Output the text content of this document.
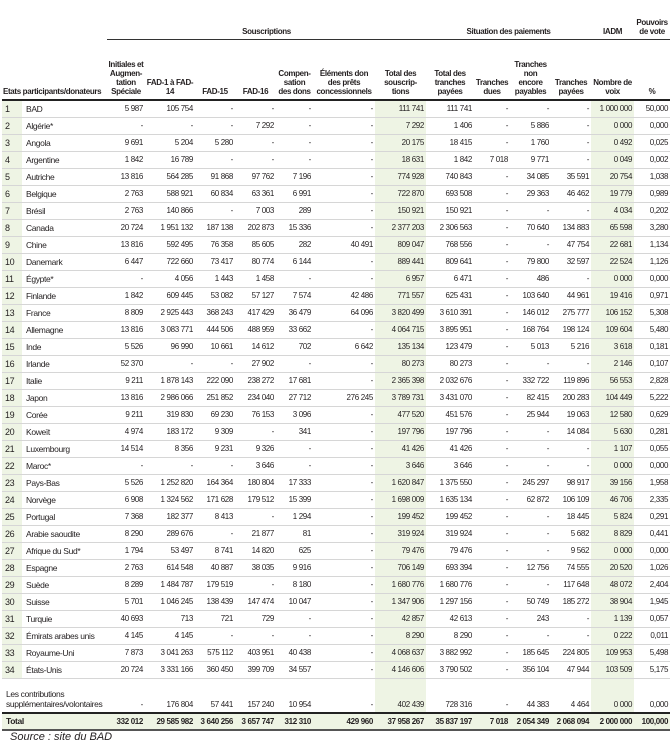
		Souscriptions							Situation des paiements				IADM	Pouvoirs de vote
Etats participants/donateurs		Initiales et Augmen-tation Spéciale	FAD-1 à FAD-14	FAD-15	FAD-16	Compen-sation des dons	Éléments don des prêts concessionnels	Total des souscrip-tions	Total des tranches payées	Tranches dues	Tranches non encore payables	Tranches payées	Nombre de voix	%
1	BAD	5 987	105 754	-	-	-	-	111 741	111 741	-	-	-	1 000 000	50,000
2	Algérie*	-	-	-	7 292	-	-	7 292	1 406	-	5 886	-	0 000	0,000
3	Angola	9 691	5 204	5 280	-	-	-	20 175	18 415	-	1 760	-	0 492	0,025
4	Argentine	1 842	16 789	-	-	-	-	18 631	1 842	7 018	9 771	-	0 049	0,002
5	Autriche	13 816	564 285	91 868	97 762	7 196	-	774 928	740 843	-	34 085	35 591	20 754	1,038
6	Belgique	2 763	588 921	60 834	63 361	6 991	-	722 870	693 508	-	29 363	46 462	19 779	0,989
7	Brésil	2 763	140 866	-	7 003	289	-	150 921	150 921	-	-	-	4 034	0,202
8	Canada	20 724	1 951 132	187 138	202 873	15 336	-	2 377 203	2 306 563	-	70 640	134 883	65 598	3,280
9	Chine	13 816	592 495	76 358	85 605	282	40 491	809 047	768 556	-	-	47 754	22 681	1,134
10	Danemark	6 447	722 660	73 417	80 774	6 144	-	889 441	809 641	-	79 800	32 597	22 524	1,126
11	Égypte*	-	4 056	1 443	1 458	-	-	6 957	6 471	-	486	-	0 000	0,000
12	Finlande	1 842	609 445	53 082	57 127	7 574	42 486	771 557	625 431	-	103 640	44 961	19 416	0,971
13	France	8 809	2 925 443	368 243	417 429	36 479	64 096	3 820 499	3 610 391	-	146 012	275 777	106 152	5,308
14	Allemagne	13 816	3 083 771	444 506	488 959	33 662	-	4 064 715	3 895 951	-	168 764	198 124	109 604	5,480
15	Inde	5 526	96 990	10 661	14 612	702	6 642	135 134	123 479	-	5 013	5 216	3 618	0,181
16	Irlande	52 370	-	-	27 902	-	-	80 273	80 273	-	-	-	2 146	0,107
17	Italie	9 211	1 878 143	222 090	238 272	17 681	-	2 365 398	2 032 676	-	332 722	119 896	56 553	2,828
18	Japon	13 816	2 986 066	251 852	234 040	27 712	276 245	3 789 731	3 431 070	-	82 415	200 283	104 449	5,222
19	Corée	9 211	319 830	69 230	76 153	3 096	-	477 520	451 576	-	25 944	19 063	12 580	0,629
20	Koweït	4 974	183 172	9 309	-	341	-	197 796	197 796	-	-	14 084	5 630	0,281
21	Luxembourg	14 514	8 356	9 231	9 326	-	-	41 426	41 426	-	-	-	1 107	0,055
22	Maroc*	-	-	-	3 646	-	-	3 646	3 646	-	-	-	0 000	0,000
23	Pays-Bas	5 526	1 252 820	164 364	180 804	17 333	-	1 620 847	1 375 550	-	245 297	98 917	39 156	1,958
24	Norvège	6 908	1 324 562	171 628	179 512	15 399	-	1 698 009	1 635 134	-	62 872	106 109	46 706	2,335
25	Portugal	7 368	182 377	8 413	-	1 294	-	199 452	199 452	-	-	18 445	5 824	0,291
26	Arabie saoudite	8 290	289 676	-	21 877	81	-	319 924	319 924	-	-	5 682	8 829	0,441
27	Afrique du Sud*	1 794	53 497	8 741	14 820	625	-	79 476	79 476	-	-	9 562	0 000	0,000
28	Espagne	2 763	614 548	40 887	38 035	9 916	-	706 149	693 394	-	12 756	74 555	20 520	1,026
29	Suède	8 289	1 484 787	179 519	-	8 180	-	1 680 776	1 680 776	-	-	117 648	48 072	2,404
30	Suisse	5 701	1 046 245	138 439	147 474	10 047	-	1 347 906	1 297 156	-	50 749	185 272	38 904	1,945
31	Turquie	40 693	713	721	729	-	-	42 857	42 613	-	243	-	1 139	0,057
32	Émirats arabes unis	4 145	4 145	-	-	-	-	8 290	8 290	-	-	-	0 222	0,011
33	Royaume-Uni	7 873	3 041 263	575 112	403 951	40 438	-	4 068 637	3 882 992	-	185 645	224 805	109 953	5,498
34	États-Unis	20 724	3 331 166	360 450	399 709	34 557	-	4 146 606	3 790 502	-	356 104	47 944	103 509	5,175
Les contributions supplémentaires/volontaires		-	176 804	57 441	157 240	10 954	-	402 439	728 316	-	44 383	4 464	0 000	0,000
Total		332 012	29 585 982	3 640 256	3 657 747	312 310	429 960	37 958 267	35 837 197	7 018	2 054 349	2 068 094	2 000 000	100,000
Source : site du BAD
